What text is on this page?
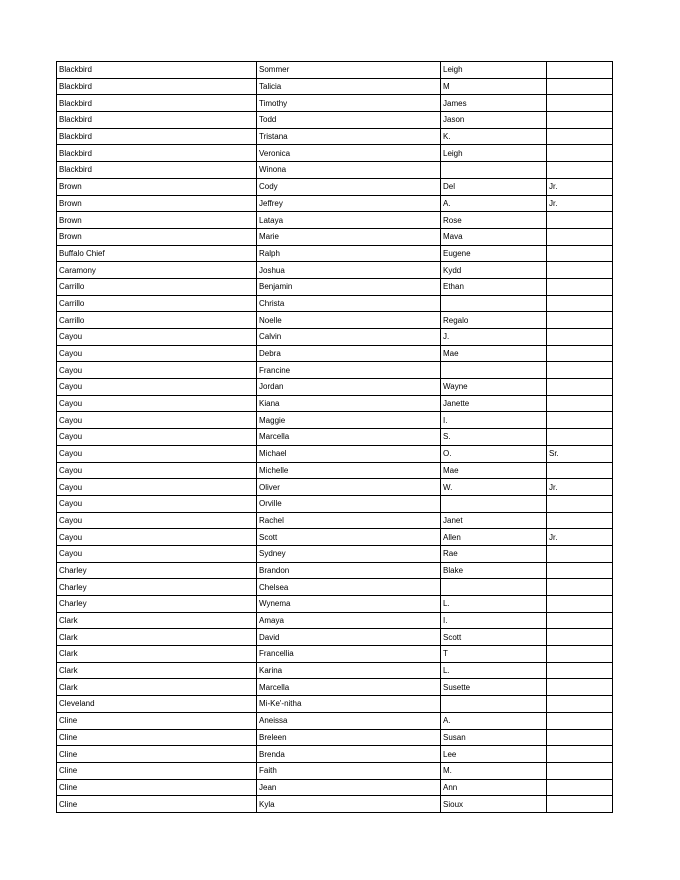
Blackbird	Sommer	Leigh	
Blackbird	Talicia	M	
Blackbird	Timothy	James	
Blackbird	Todd	Jason	
Blackbird	Tristana	K.	
Blackbird	Veronica	Leigh	
Blackbird	Winona		
Brown	Cody	Del	Jr.
Brown	Jeffrey	A.	Jr.
Brown	Lataya	Rose	
Brown	Marie	Mava	
Buffalo Chief	Ralph	Eugene	
Caramony	Joshua	Kydd	
Carrillo	Benjamin	Ethan	
Carrillo	Christa		
Carrillo	Noelle	Regalo	
Cayou	Calvin	J.	
Cayou	Debra	Mae	
Cayou	Francine		
Cayou	Jordan	Wayne	
Cayou	Kiana	Janette	
Cayou	Maggie	I.	
Cayou	Marcella	S.	
Cayou	Michael	O.	Sr.
Cayou	Michelle	Mae	
Cayou	Oliver	W.	Jr.
Cayou	Orville		
Cayou	Rachel	Janet	
Cayou	Scott	Allen	Jr.
Cayou	Sydney	Rae	
Charley	Brandon	Blake	
Charley	Chelsea		
Charley	Wynema	L.	
Clark	Amaya	I.	
Clark	David	Scott	
Clark	Francellia	T	
Clark	Karina	L.	
Clark	Marcella	Susette	
Cleveland	Mi-Ke'-nitha		
Cline	Aneissa	A.	
Cline	Breleen	Susan	
Cline	Brenda	Lee	
Cline	Faith	M.	
Cline	Jean	Ann	
Cline	Kyla	Sioux	
